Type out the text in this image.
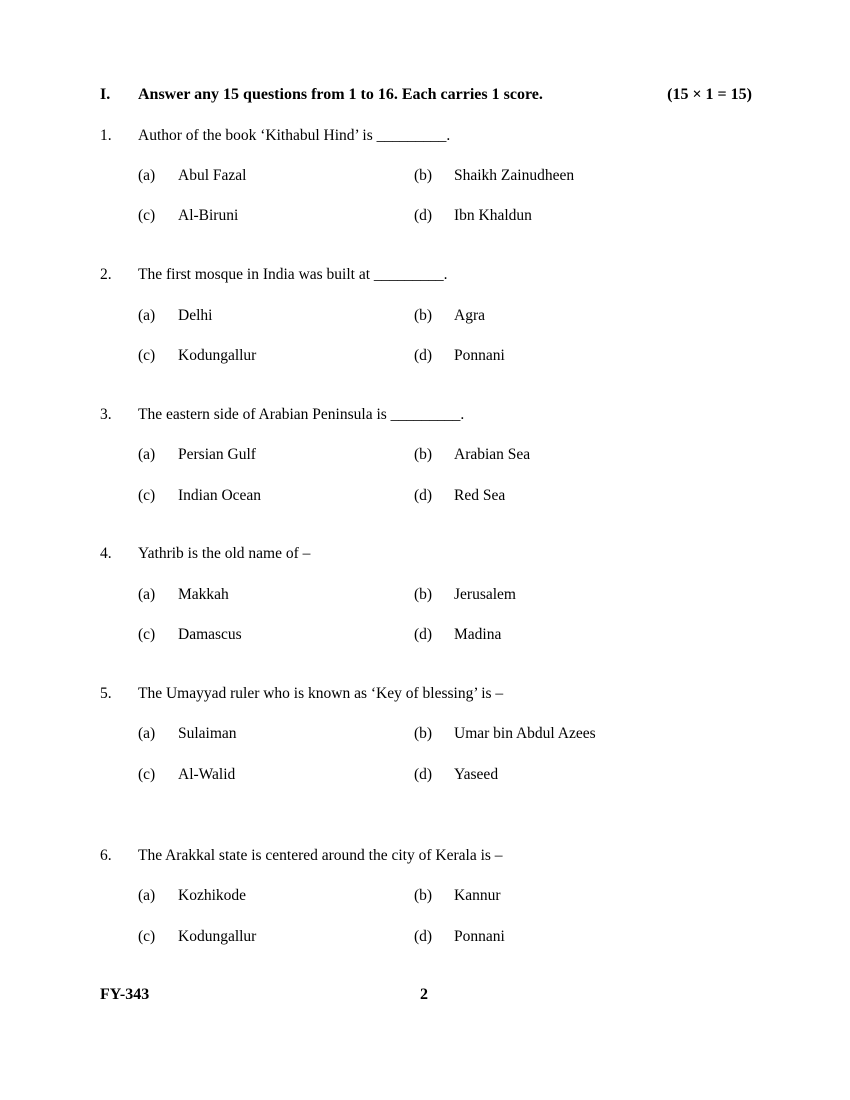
I. Answer any 15 questions from 1 to 16. Each carries 1 score.	(15 × 1 = 15)
1. Author of the book ‘Kithabul Hind’ is _________.
(a) Abul Fazal	(b) Shaikh Zainudheen
(c) Al-Biruni	(d) Ibn Khaldun
2. The first mosque in India was built at _________.
(a) Delhi	(b) Agra
(c) Kodungallur	(d) Ponnani
3. The eastern side of Arabian Peninsula is _________.
(a) Persian Gulf	(b) Arabian Sea
(c) Indian Ocean	(d) Red Sea
4. Yathrib is the old name of –
(a) Makkah	(b) Jerusalem
(c) Damascus	(d) Madina
5. The Umayyad ruler who is known as ‘Key of blessing’ is –
(a) Sulaiman	(b) Umar bin Abdul Azees
(c) Al-Walid	(d) Yaseed
6. The Arakkal state is centered around the city of Kerala is –
(a) Kozhikode	(b) Kannur
(c) Kodungallur	(d) Ponnani
FY-343	2
